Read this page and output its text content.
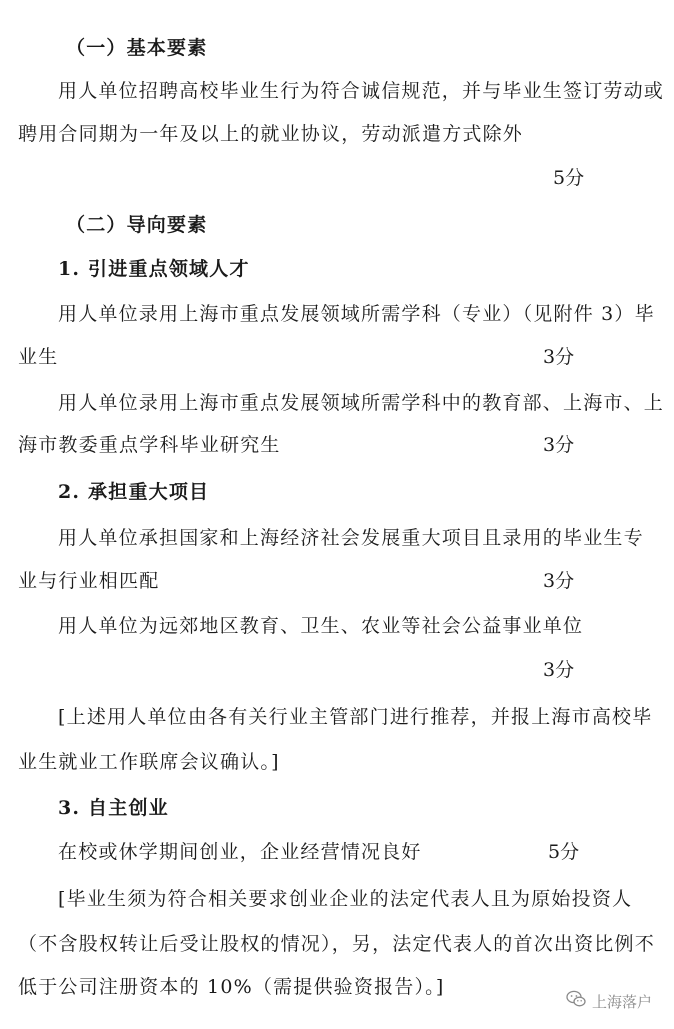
（一）基本要素
用人单位招聘高校毕业生行为符合诚信规范，并与毕业生签订劳动或
聘用合同期为一年及以上的就业协议，劳动派遣方式除外
5分
（二）导向要素
1. 引进重点领域人才
用人单位录用上海市重点发展领域所需学科（专业）（见附件 3）毕
业生	3分
用人单位录用上海市重点发展领域所需学科中的教育部、上海市、上
海市教委重点学科毕业研究生	3分
2. 承担重大项目
用人单位承担国家和上海经济社会发展重大项目且录用的毕业生专
业与行业相匹配	3分
用人单位为远郊地区教育、卫生、农业等社会公益事业单位
3分
[上述用人单位由各有关行业主管部门进行推荐，并报上海市高校毕
业生就业工作联席会议确认。]
3. 自主创业
在校或休学期间创业，企业经营情况良好	5分
[毕业生须为符合相关要求创业企业的法定代表人且为原始投资人
（不含股权转让后受让股权的情况），另，法定代表人的首次出资比例不
低于公司注册资本的 10%（需提供验资报告）。]
上海落户
